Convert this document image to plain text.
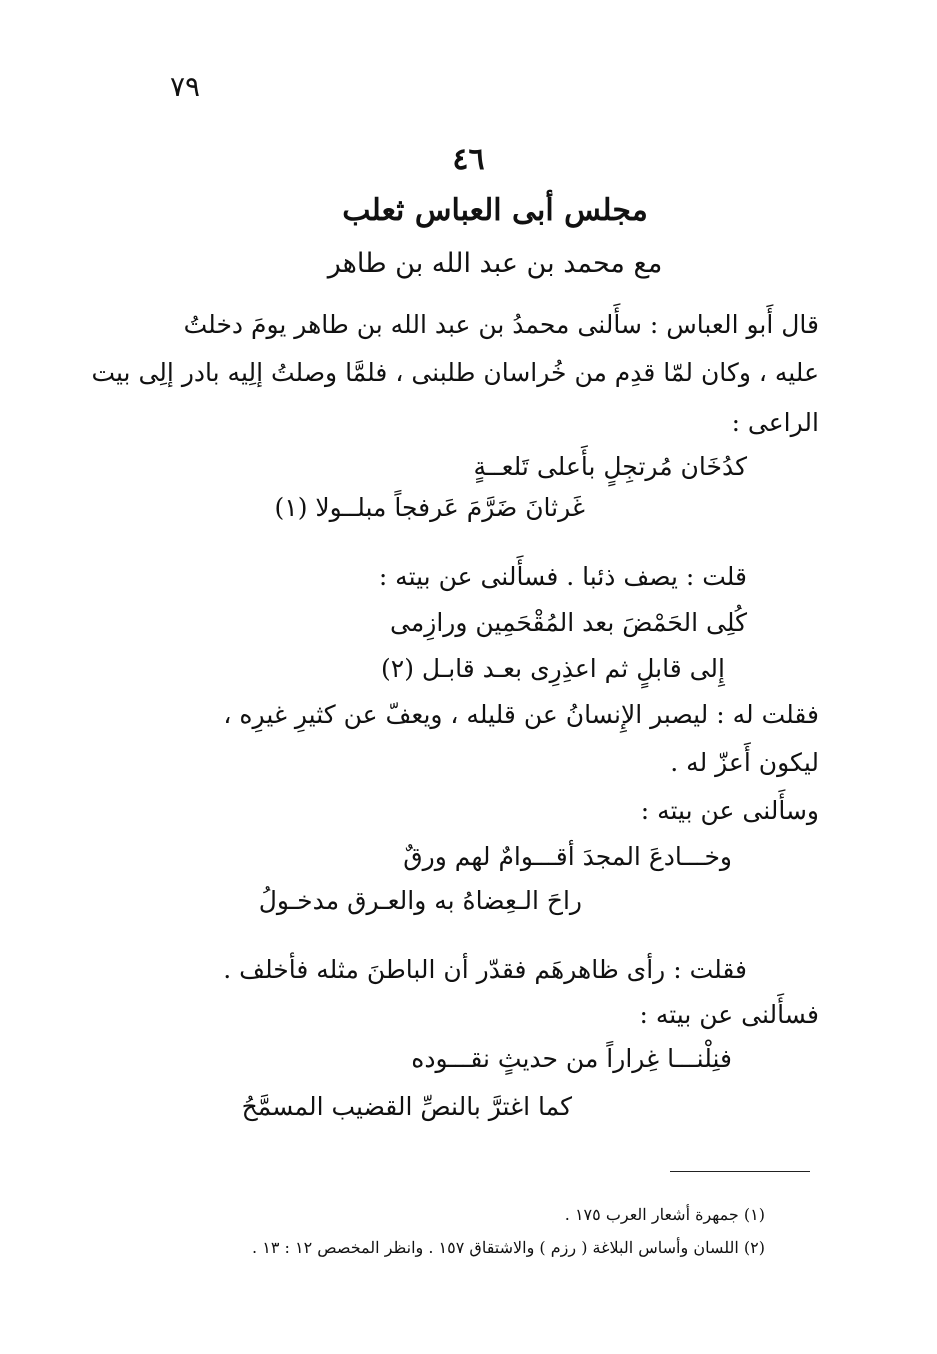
٧٩
٤٦
مجلس أبى العباس ثعلب
مع محمد بن عبد الله بن طاهر
قال أَبو العباس : سأَلنى محمدُ بن عبد الله بن طاهر يومَ دخلتُ
عليه ، وكان لمّا قدِم من خُراسان طلبنى ، فلمَّا وصلتُ إلِيه بادر إلِى بيت
الراعى :
كدُخَان مُرتجِلٍ بأَعلى تَلعــةٍ
غَرثانَ ضَرَّمَ عَرفجاً مبلــولا (١)
قلت : يصف ذئبا . فسأَلنى عن بيته :
كُلِى الحَمْضَ بعد المُقْحَمِين ورازِمى
إِلى قابلٍ ثم اعذِرِى بعـد قابـل (٢)
فقلت له : ليصبر الإِنسانُ عن قليله ، ويعفّ عن كثيرِ غيرِه ،
ليكون أَعزّ له .
وسأَلنى عن بيته :
وخـــادعَ المجدَ أقـــوامٌ لهم ورقٌ
راحَ الـعِضاهُ به والعـرق مدخـولُ
فقلت : رأى ظاهرهَم فقدّر أن الباطنَ مثله فأخلف .
فسأَلنى عن بيته :
فنِلْنـــا غِراراً من حديثٍ نقـــوده
كما اغترَّ بالنصِّ القضيب المسمَّحُ
(١) جمهرة أشعار العرب ١٧٥ .
(٢) اللسان وأساس البلاغة ( رزم ) والاشتقاق ١٥٧ . وانظر المخصص ١٢ : ١٣ .
